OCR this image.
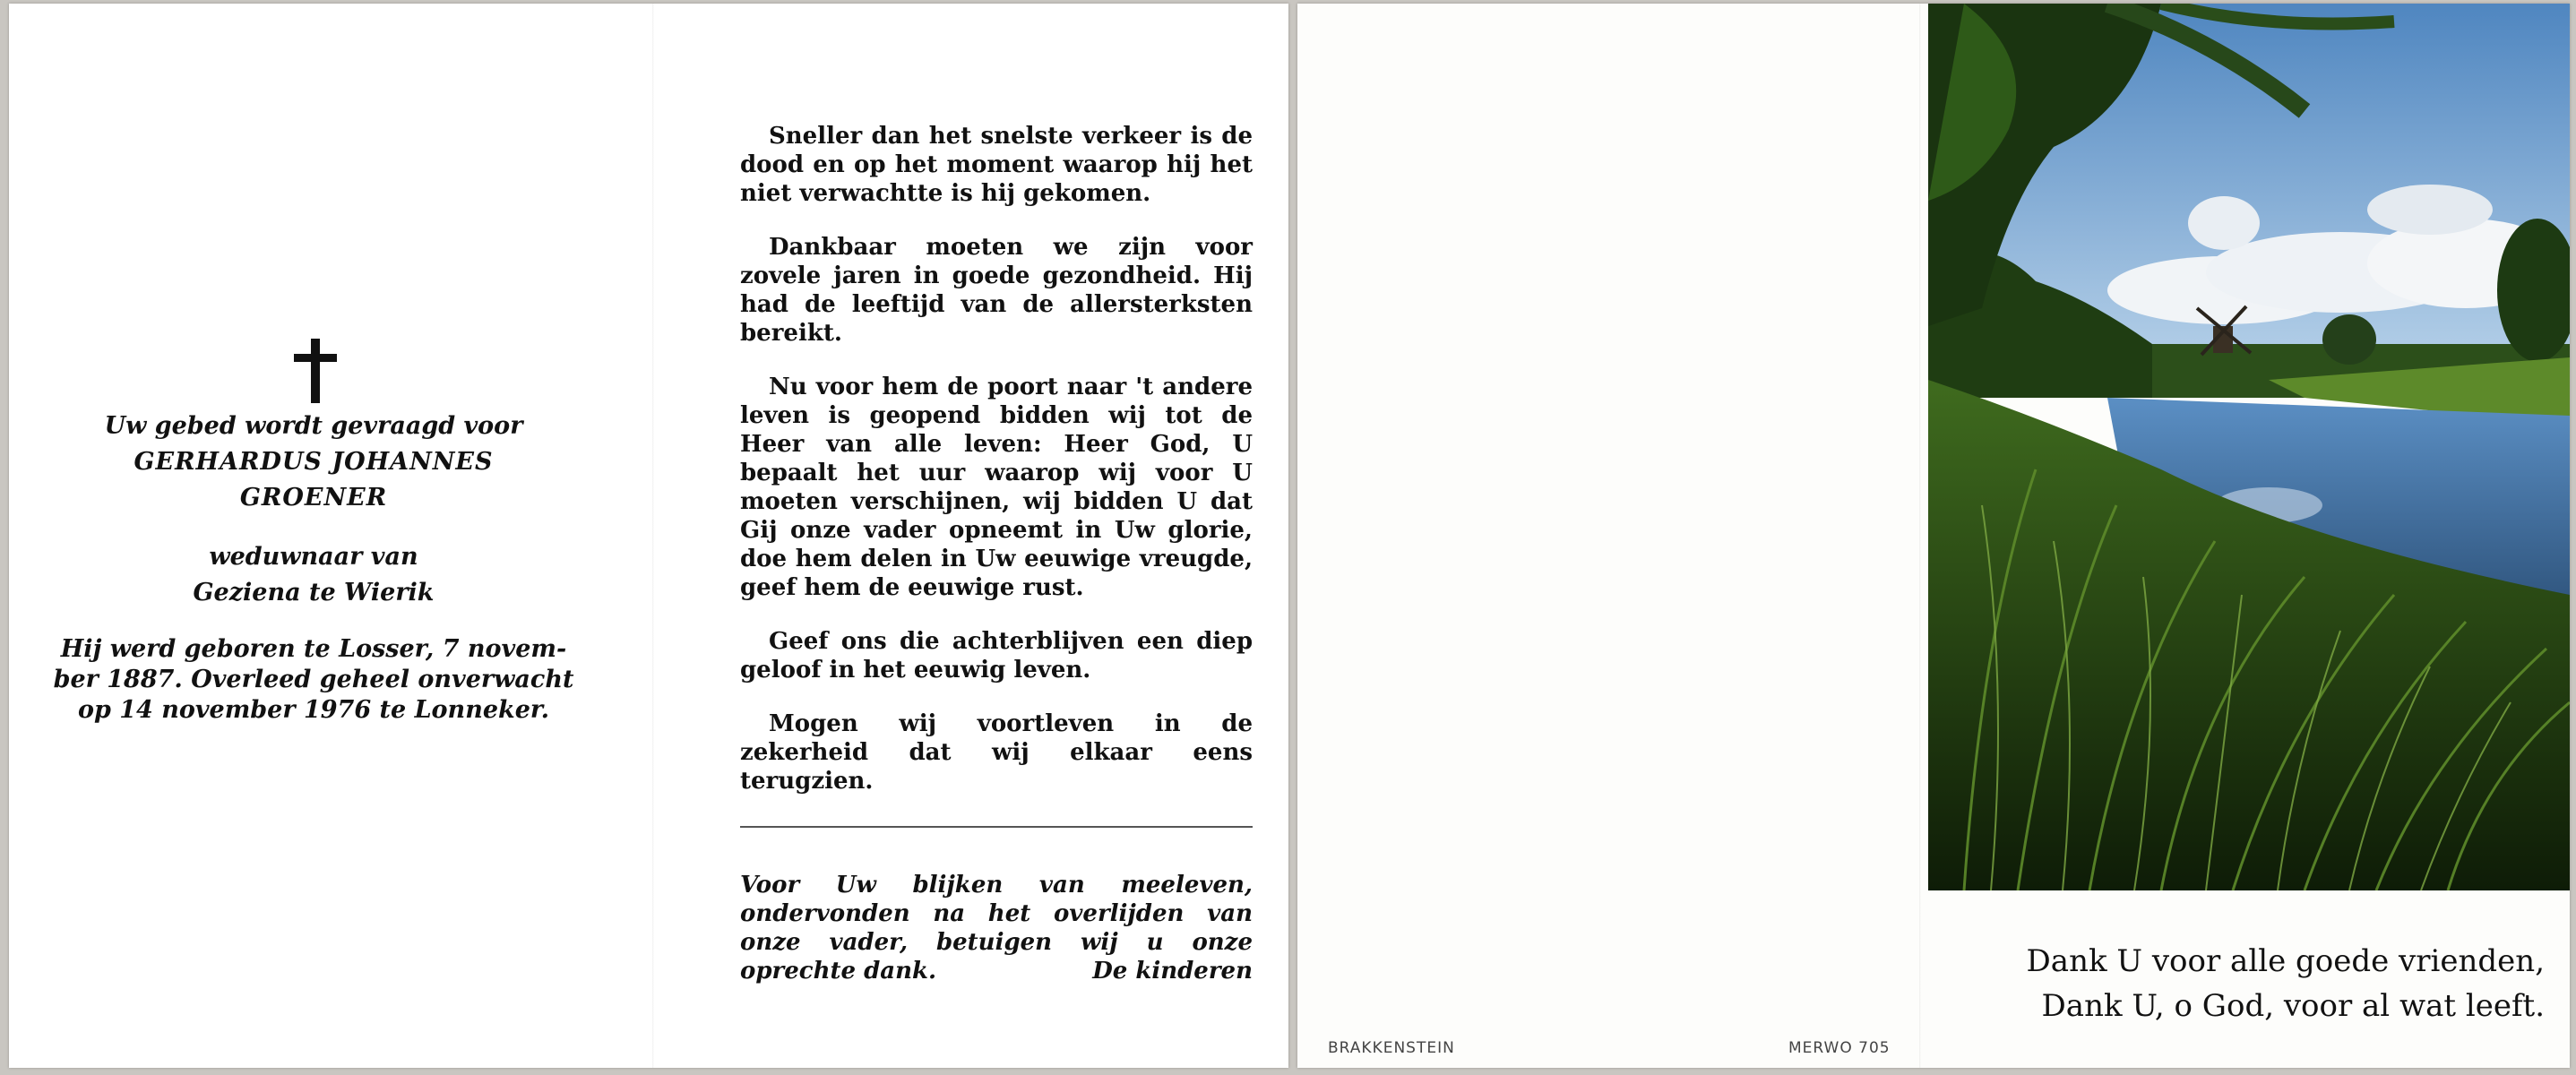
Uw gebed wordt gevraagd voor
GERHARDUS JOHANNES
GROENER
weduwnaar van
Geziena te Wierik
Hij werd geboren te Losser, 7 novem-
ber 1887. Overleed geheel onverwacht
op 14 november 1976 te Lonneker.

Sneller dan het snelste verkeer is de dood en op het moment waarop hij het niet verwachtte is hij gekomen.

Dankbaar moeten we zijn voor zovele jaren in goede gezondheid. Hij had de leeftijd van de allersterksten bereikt.

Nu voor hem de poort naar 't andere leven is geopend bidden wij tot de Heer van alle leven: Heer God, U bepaalt het uur waarop wij voor U moeten verschijnen, wij bidden U dat Gij onze vader opneemt in Uw glorie, doe hem delen in Uw eeuwige vreugde, geef hem de eeuwige rust.

Geef ons die achterblijven een diep geloof in het eeuwig leven.

Mogen wij voortleven in de zekerheid dat wij elkaar eens terugzien.

Voor Uw blijken van meeleven, ondervonden na het overlijden van onze vader, betuigen wij u onze oprechte dank.	De kinderen
BRAKKENSTEIN	MERWO 705
Dank U voor alle goede vrienden,
Dank U, o God, voor al wat leeft.
